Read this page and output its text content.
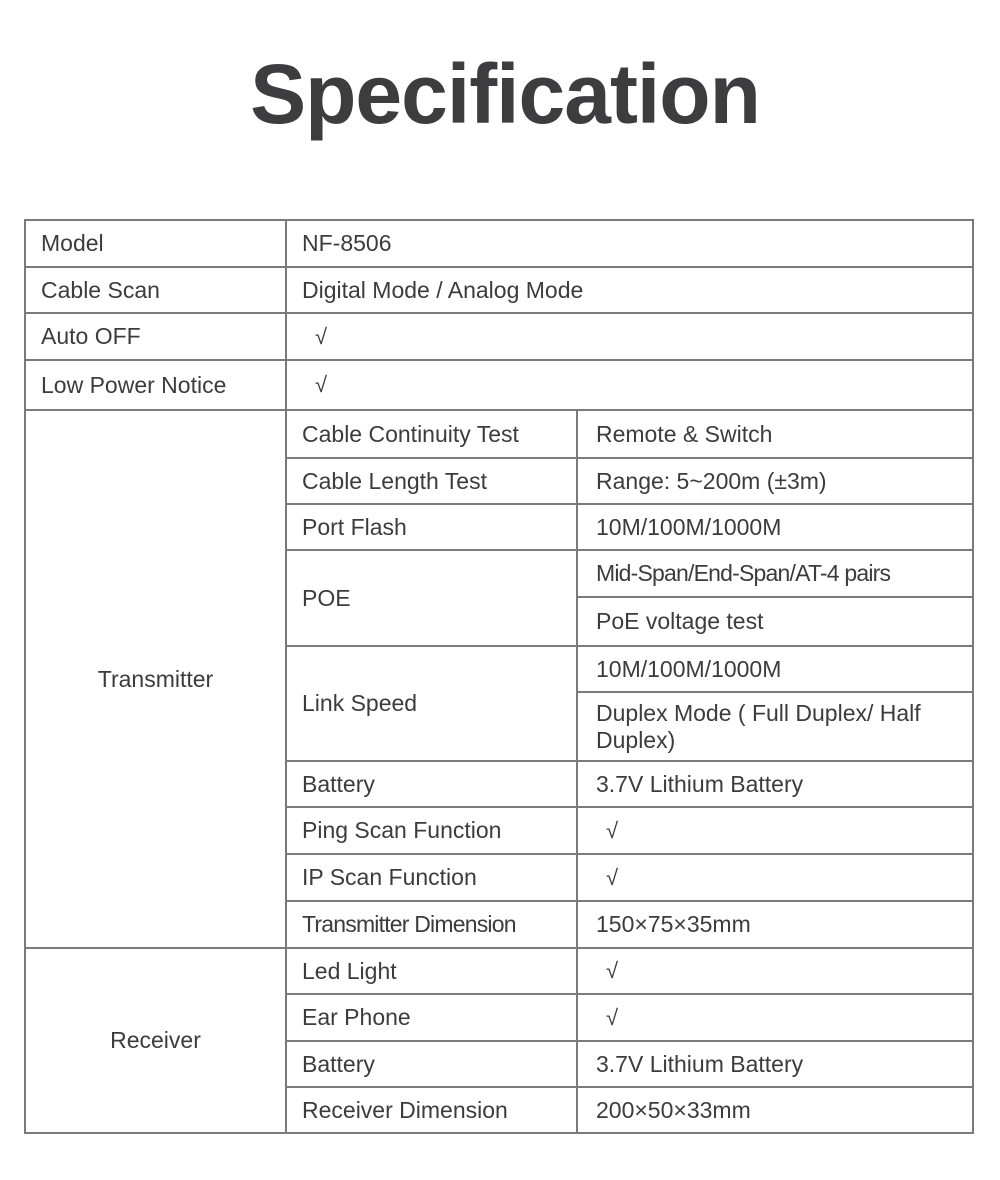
Specification
Model	NF-8506	
Cable Scan	Digital Mode / Analog Mode	
Auto OFF	√	
Low Power Notice	√	
Transmitter	Cable Continuity Test	Remote & Switch
	Cable Length Test	Range: 5~200m (±3m)
	Port Flash	10M/100M/1000M
	POE	Mid-Span/End-Span/AT-4 pairs
		PoE voltage test
	Link Speed	10M/100M/1000M
		Duplex Mode ( Full Duplex/ Half Duplex)
	Battery	3.7V Lithium Battery
	Ping Scan Function	√
	IP Scan Function	√
	Transmitter Dimension	150×75×35mm
Receiver	Led Light	√
	Ear Phone	√
	Battery	3.7V Lithium Battery
	Receiver Dimension	200×50×33mm
